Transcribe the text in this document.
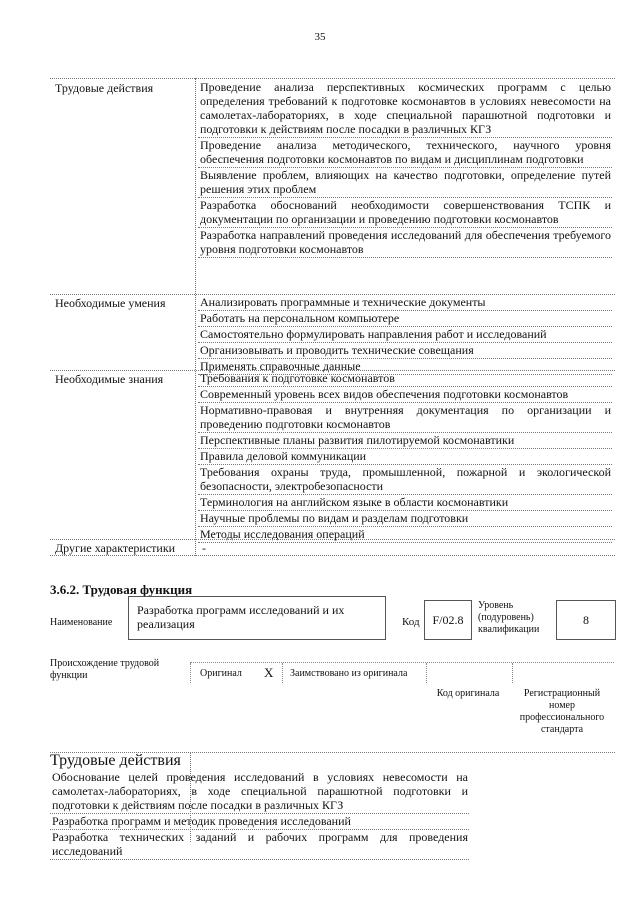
35
Трудовые действия	Проведение анализа перспективных космических программ с целью определения требований к подготовке космонавтов в условиях невесомости на самолетах-лабораториях, в ходе специальной парашютной подготовки и подготовки к действиям после посадки в различных КГЗ
Проведение анализа методического, технического, научного уровня обеспечения подготовки космонавтов по видам и дисциплинам подготовки
Выявление проблем, влияющих на качество подготовки, определение путей решения этих проблем
Разработка обоснований необходимости совершенствования ТСПК и документации по организации и проведению подготовки космонавтов
Разработка направлений проведения исследований для обеспечения требуемого уровня подготовки космонавтов
Необходимые умения	Анализировать программные и технические документы
Работать на персональном компьютере
Самостоятельно формулировать направления работ и исследований
Организовывать и проводить технические совещания
Применять справочные данные
Необходимые знания	Требования к подготовке космонавтов
Современный уровень всех видов обеспечения подготовки космонавтов
Нормативно-правовая и внутренняя документация по организации и проведению подготовки космонавтов
Перспективные планы развития пилотируемой космонавтики
Правила деловой коммуникации
Требования охраны труда, промышленной, пожарной и экологической безопасности, электробезопасности
Терминология на английском языке в области космонавтики
Научные проблемы по видам и разделам подготовки
Методы исследования операций
Другие характеристики -
3.6.2. Трудовая функция
Наименование
Разработка программ исследований и их реализация	Код	F/02.8
Уровень (подуровень) квалификации
8
Происхождение трудовой функции	Оригинал X Заимствовано из оригинала
Код оригинала	Регистрационный номер профессионального стандарта
Трудовые действия
Обоснование целей проведения исследований в условиях невесомости на самолетах-лабораториях, в ходе специальной парашютной подготовки и подготовки к действиям после посадки в различных КГЗ
Разработка программ и методик проведения исследований
Разработка технических заданий и рабочих программ для проведения исследований
